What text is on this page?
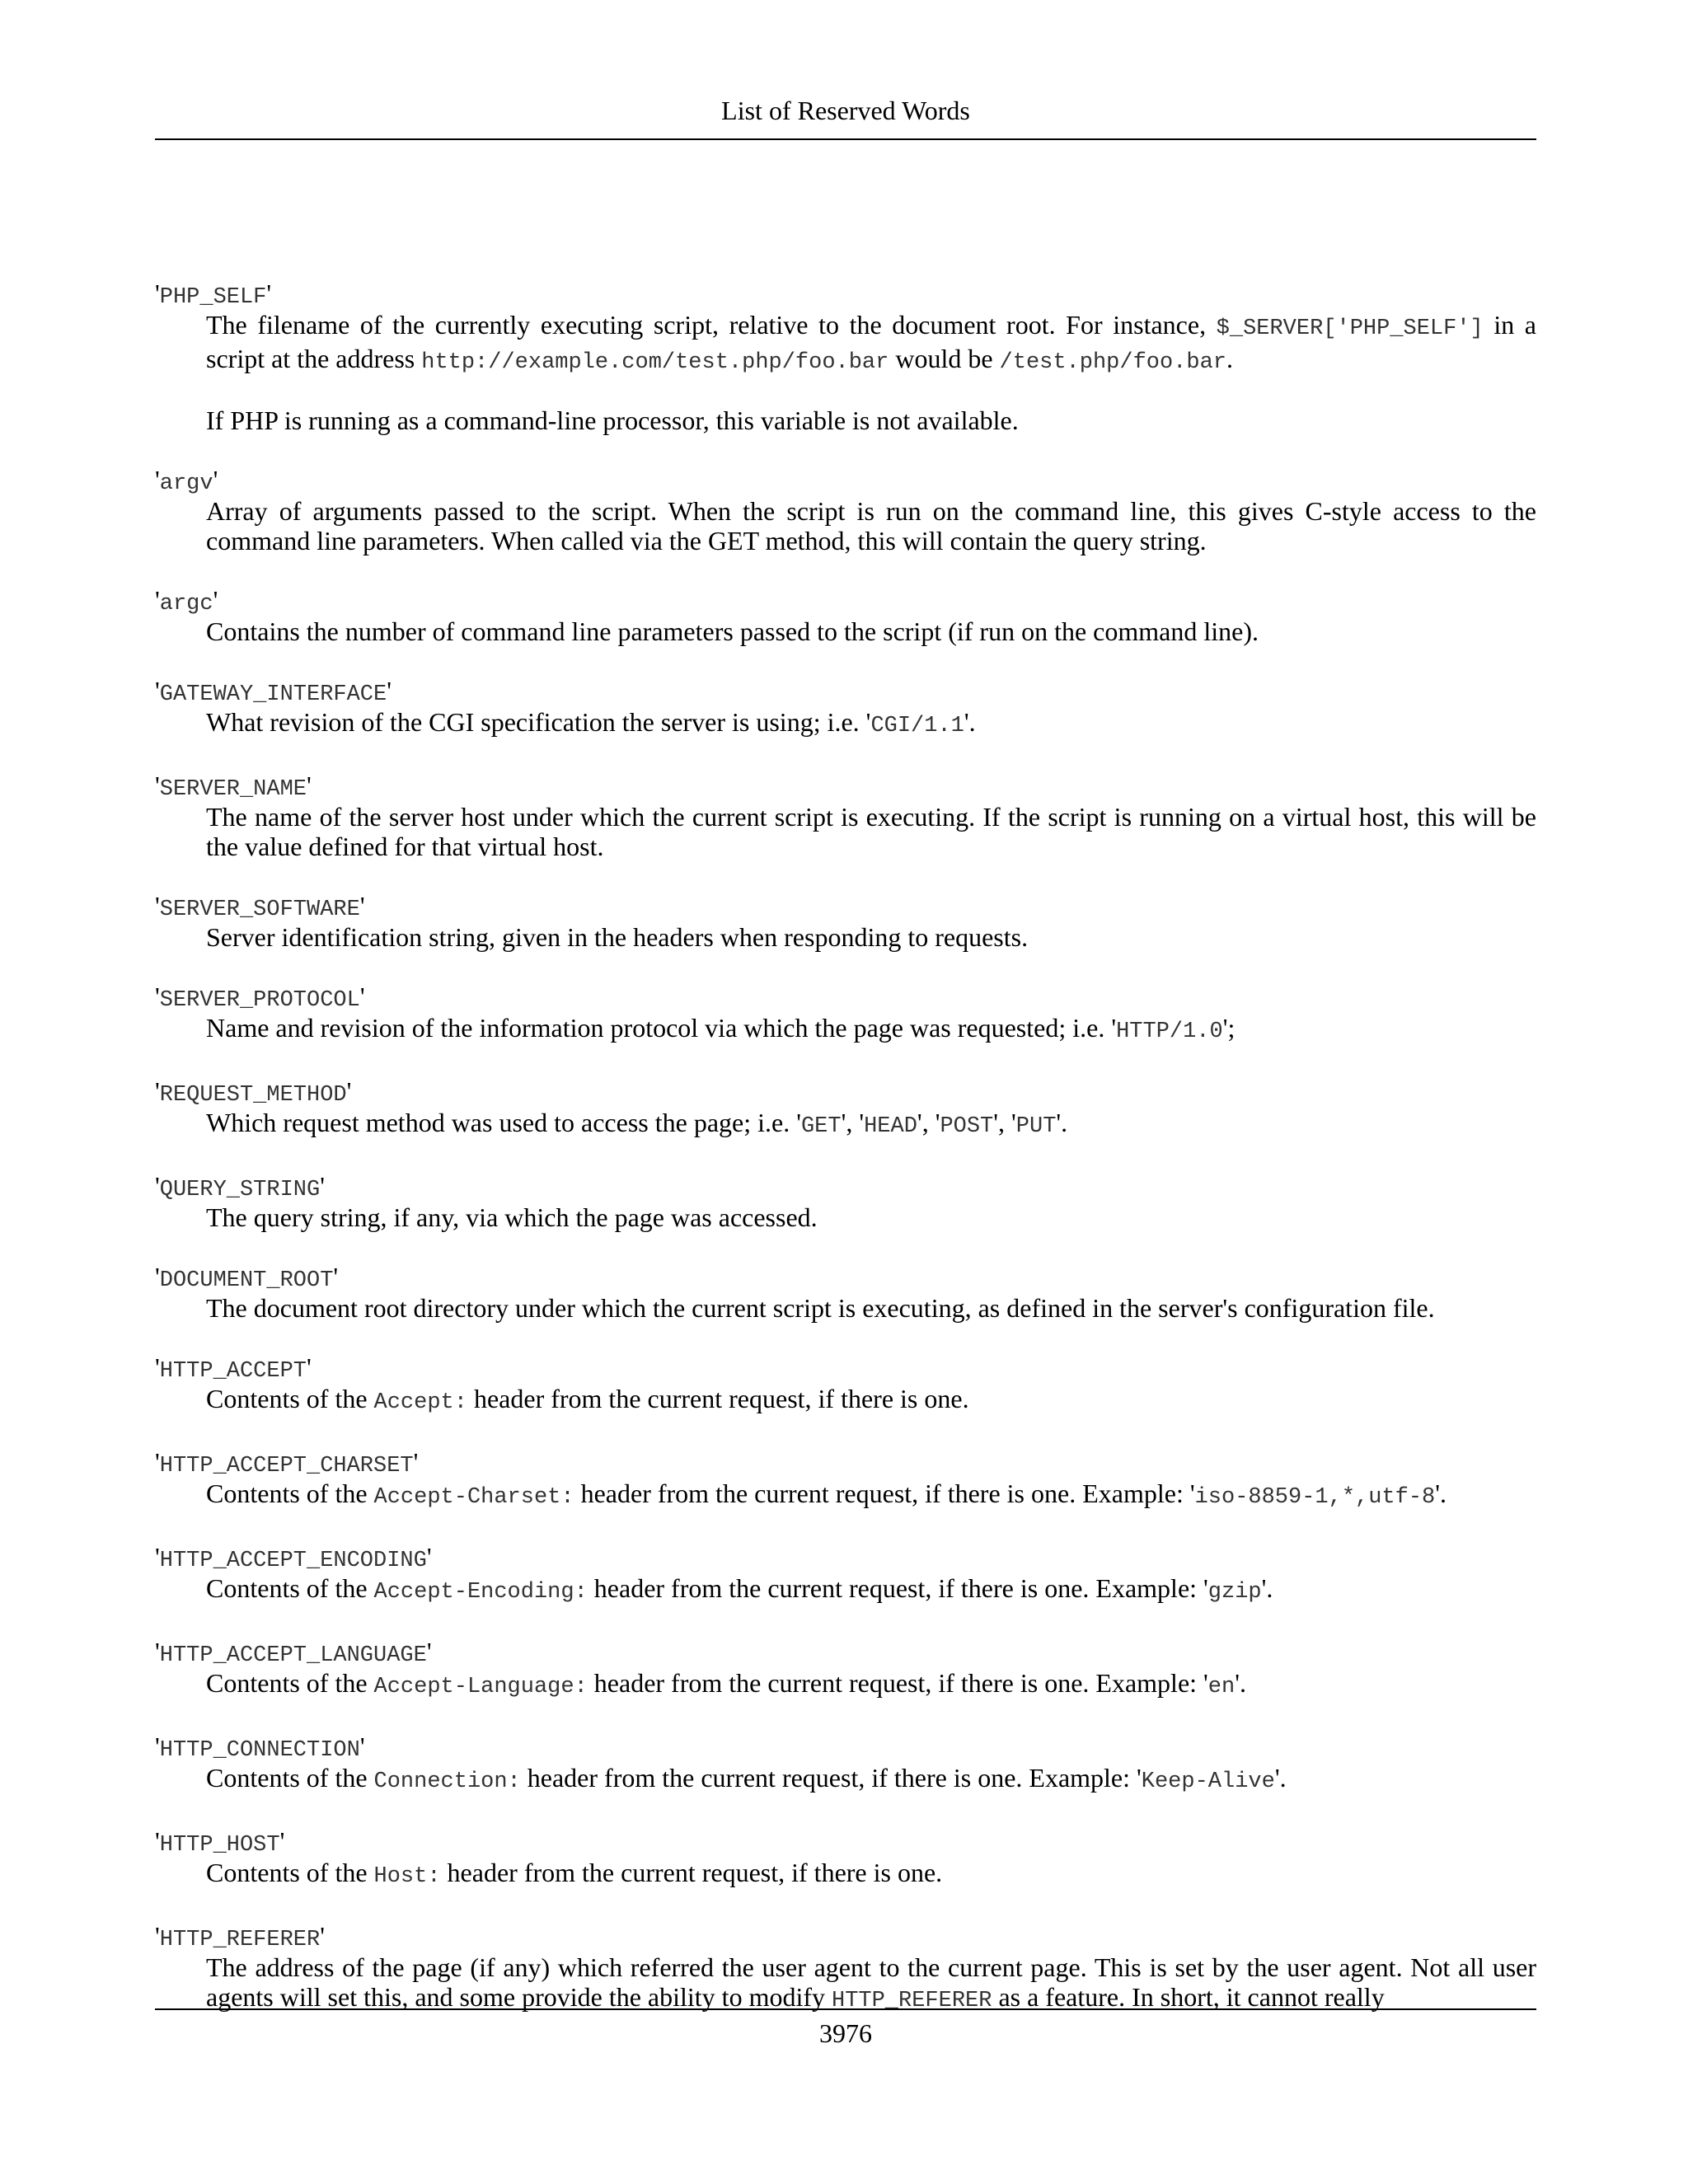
List of Reserved Words
'PHP_SELF'

The filename of the currently executing script, relative to the document root. For instance, $_SERVER['PHP_SELF'] in a script at the address http://example.com/test.php/foo.bar would be /test.php/foo.bar.

If PHP is running as a command-line processor, this variable is not available.

'argv'

Array of arguments passed to the script. When the script is run on the command line, this gives C-style access to the command line parameters. When called via the GET method, this will contain the query string.

'argc'

Contains the number of command line parameters passed to the script (if run on the command line).

'GATEWAY_INTERFACE'

What revision of the CGI specification the server is using; i.e. 'CGI/1.1'.

'SERVER_NAME'

The name of the server host under which the current script is executing. If the script is running on a virtual host, this will be the value defined for that virtual host.

'SERVER_SOFTWARE'

Server identification string, given in the headers when responding to requests.

'SERVER_PROTOCOL'

Name and revision of the information protocol via which the page was requested; i.e. 'HTTP/1.0';

'REQUEST_METHOD'

Which request method was used to access the page; i.e. 'GET', 'HEAD', 'POST', 'PUT'.

'QUERY_STRING'

The query string, if any, via which the page was accessed.

'DOCUMENT_ROOT'

The document root directory under which the current script is executing, as defined in the server's configuration file.

'HTTP_ACCEPT'

Contents of the Accept: header from the current request, if there is one.

'HTTP_ACCEPT_CHARSET'

Contents of the Accept-Charset: header from the current request, if there is one. Example: 'iso-8859-1,*,utf-8'.

'HTTP_ACCEPT_ENCODING'

Contents of the Accept-Encoding: header from the current request, if there is one. Example: 'gzip'.

'HTTP_ACCEPT_LANGUAGE'

Contents of the Accept-Language: header from the current request, if there is one. Example: 'en'.

'HTTP_CONNECTION'

Contents of the Connection: header from the current request, if there is one. Example: 'Keep-Alive'.

'HTTP_HOST'

Contents of the Host: header from the current request, if there is one.

'HTTP_REFERER'

The address of the page (if any) which referred the user agent to the current page. This is set by the user agent. Not all user agents will set this, and some provide the ability to modify HTTP_REFERER as a feature. In short, it cannot really

3976
